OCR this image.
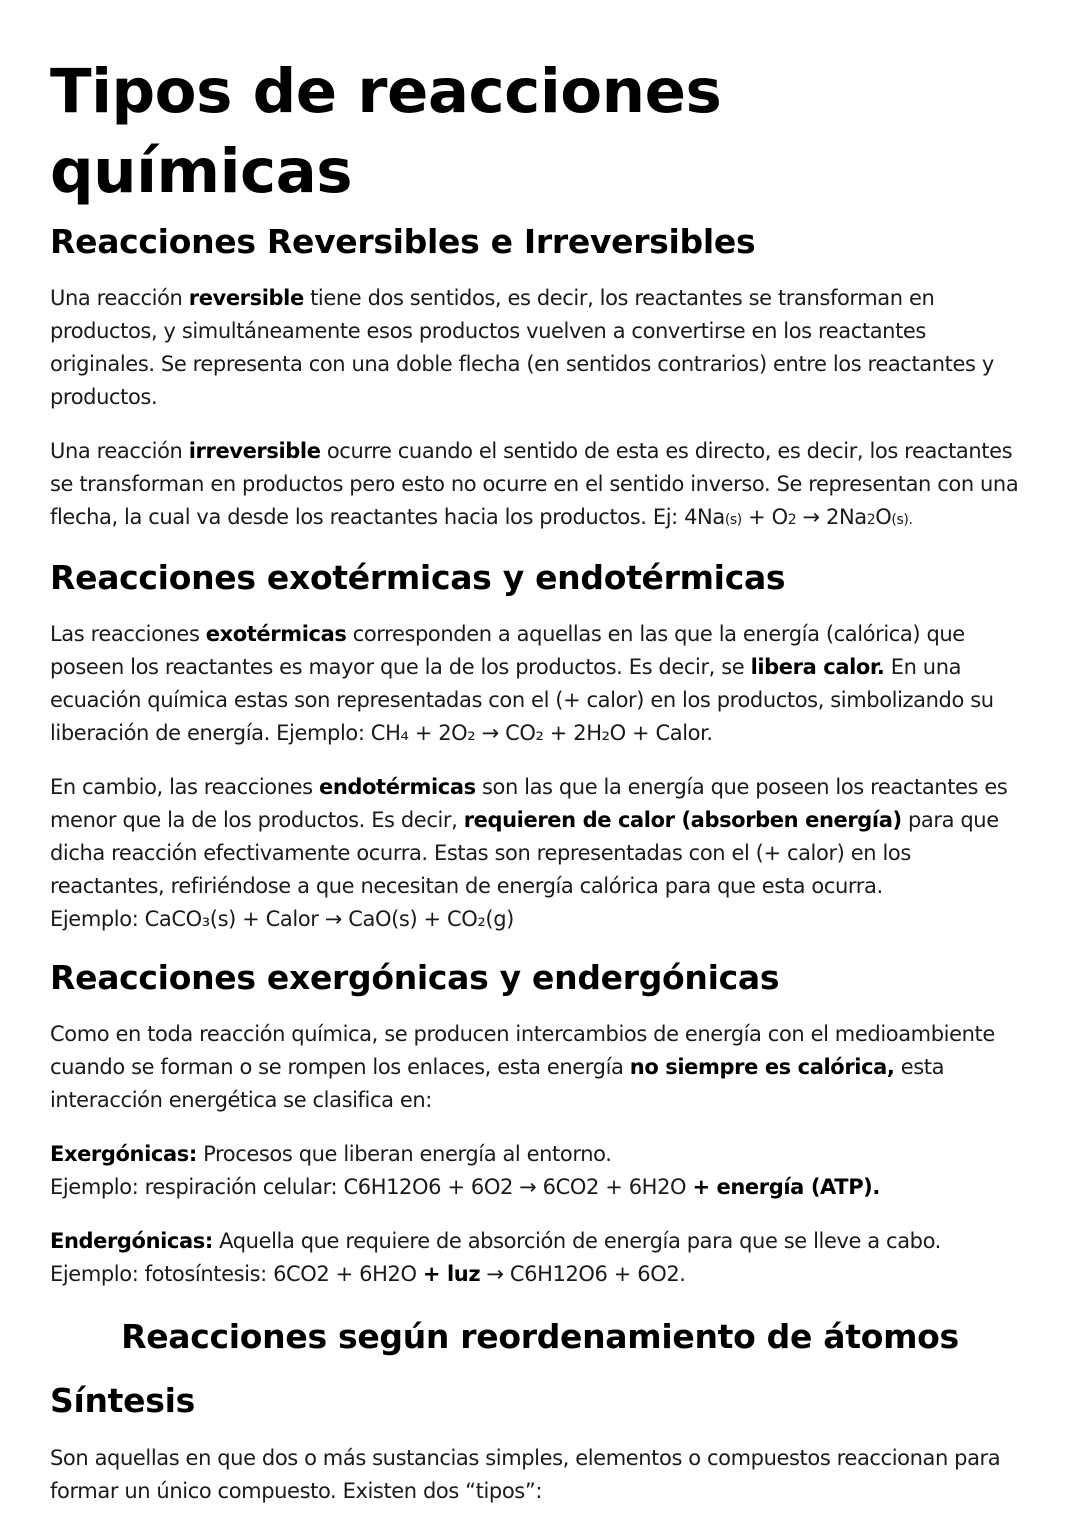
Tipos de reacciones químicas
Reacciones Reversibles e Irreversibles

Una reacción reversible tiene dos sentidos, es decir, los reactantes se transforman en productos, y simultáneamente esos productos vuelven a convertirse en los reactantes originales. Se representa con una doble flecha (en sentidos contrarios) entre los reactantes y productos.

Una reacción irreversible ocurre cuando el sentido de esta es directo, es decir, los reactantes se transforman en productos pero esto no ocurre en el sentido inverso. Se representan con una flecha, la cual va desde los reactantes hacia los productos. Ej: 4Na(s) + O2 → 2Na2O(s).

Reacciones exotérmicas y endotérmicas

Las reacciones exotérmicas corresponden a aquellas en las que la energía (calórica) que poseen los reactantes es mayor que la de los productos. Es decir, se libera calor. En una ecuación química estas son representadas con el (+ calor) en los productos, simbolizando su liberación de energía. Ejemplo: CH₄ + 2O₂ → CO₂ + 2H₂O + Calor.

En cambio, las reacciones endotérmicas son las que la energía que poseen los reactantes es menor que la de los productos. Es decir, requieren de calor (absorben energía) para que dicha reacción efectivamente ocurra. Estas son representadas con el (+ calor) en los reactantes, refiriéndose a que necesitan de energía calórica para que esta ocurra.
Ejemplo: CaCO₃(s) + Calor → CaO(s) + CO₂(g)

Reacciones exergónicas y endergónicas

Como en toda reacción química, se producen intercambios de energía con el medioambiente cuando se forman o se rompen los enlaces, esta energía no siempre es calórica, esta interacción energética se clasifica en:

Exergónicas: Procesos que liberan energía al entorno.
Ejemplo: respiración celular: C6H12O6 + 6O2 → 6CO2 + 6H2O + energía (ATP).

Endergónicas: Aquella que requiere de absorción de energía para que se lleve a cabo.
Ejemplo: fotosíntesis: 6CO2 + 6H2O + luz → C6H12O6 + 6O2.

Reacciones según reordenamiento de átomos
Síntesis

Son aquellas en que dos o más sustancias simples, elementos o compuestos reaccionan para formar un único compuesto. Existen dos “tipos”:
